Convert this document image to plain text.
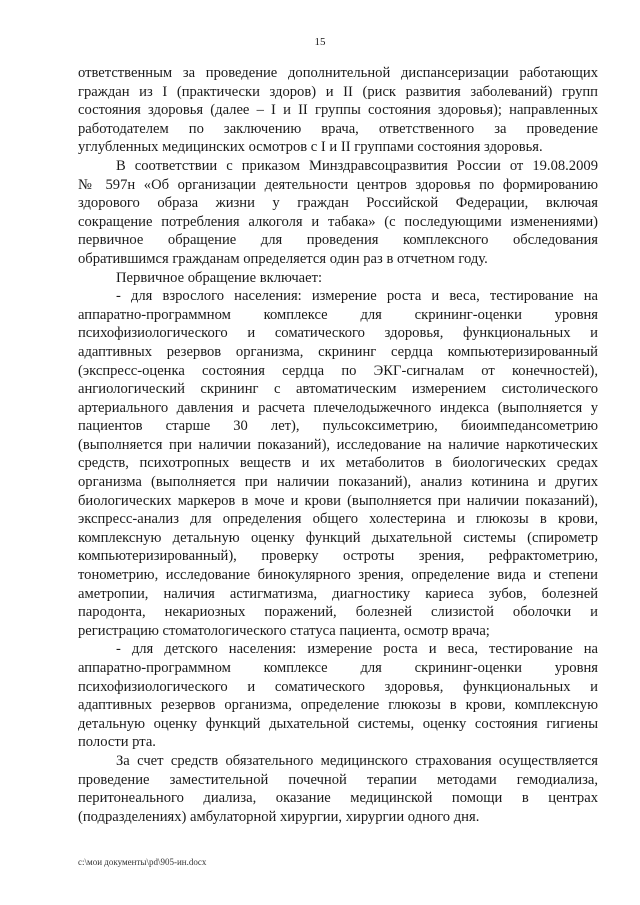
15
ответственным за проведение дополнительной диспансеризации работающих
граждан из I (практически здоров) и II (риск развития заболеваний) групп
состояния здоровья (далее – I и II группы состояния здоровья); направленных
работодателем по заключению врача, ответственного за проведение
углубленных медицинских осмотров с I и II группами состояния здоровья.
В соответствии с приказом Минздравсоцразвития России от 19.08.2009
№ 597н «Об организации деятельности центров здоровья по формированию
здорового образа жизни у граждан Российской Федерации, включая
сокращение потребления алкоголя и табака» (с последующими изменениями)
первичное обращение для проведения комплексного обследования
обратившимся гражданам определяется один раз в отчетном году.
Первичное обращение включает:
- для взрослого населения: измерение роста и веса, тестирование на
аппаратно-программном комплексе для скрининг-оценки уровня
психофизиологического и соматического здоровья, функциональных и
адаптивных резервов организма, скрининг сердца компьютеризированный
(экспресс-оценка состояния сердца по ЭКГ-сигналам от конечностей),
ангиологический скрининг с автоматическим измерением систолического
артериального давления и расчета плечелодыжечного индекса (выполняется у
пациентов старше 30 лет), пульсоксиметрию, биоимпедансометрию
(выполняется при наличии показаний), исследование на наличие наркотических
средств, психотропных веществ и их метаболитов в биологических средах
организма (выполняется при наличии показаний), анализ котинина и других
биологических маркеров в моче и крови (выполняется при наличии показаний),
экспресс-анализ для определения общего холестерина и глюкозы в крови,
комплексную детальную оценку функций дыхательной системы (спирометр
компьютеризированный), проверку остроты зрения, рефрактометрию,
тонометрию, исследование бинокулярного зрения, определение вида и степени
аметропии, наличия астигматизма, диагностику кариеса зубов, болезней
пародонта, некариозных поражений, болезней слизистой оболочки и
регистрацию стоматологического статуса пациента, осмотр врача;
- для детского населения: измерение роста и веса, тестирование на
аппаратно-программном комплексе для скрининг-оценки уровня
психофизиологического и соматического здоровья, функциональных и
адаптивных резервов организма, определение глюкозы в крови, комплексную
детальную оценку функций дыхательной системы, оценку состояния гигиены
полости рта.
За счет средств обязательного медицинского страхования осуществляется
проведение заместительной почечной терапии методами гемодиализа,
перитонеального диализа, оказание медицинской помощи в центрах
(подразделениях) амбулаторной хирургии, хирургии одного дня.
c:\мои документы\pd\905-ин.docx
